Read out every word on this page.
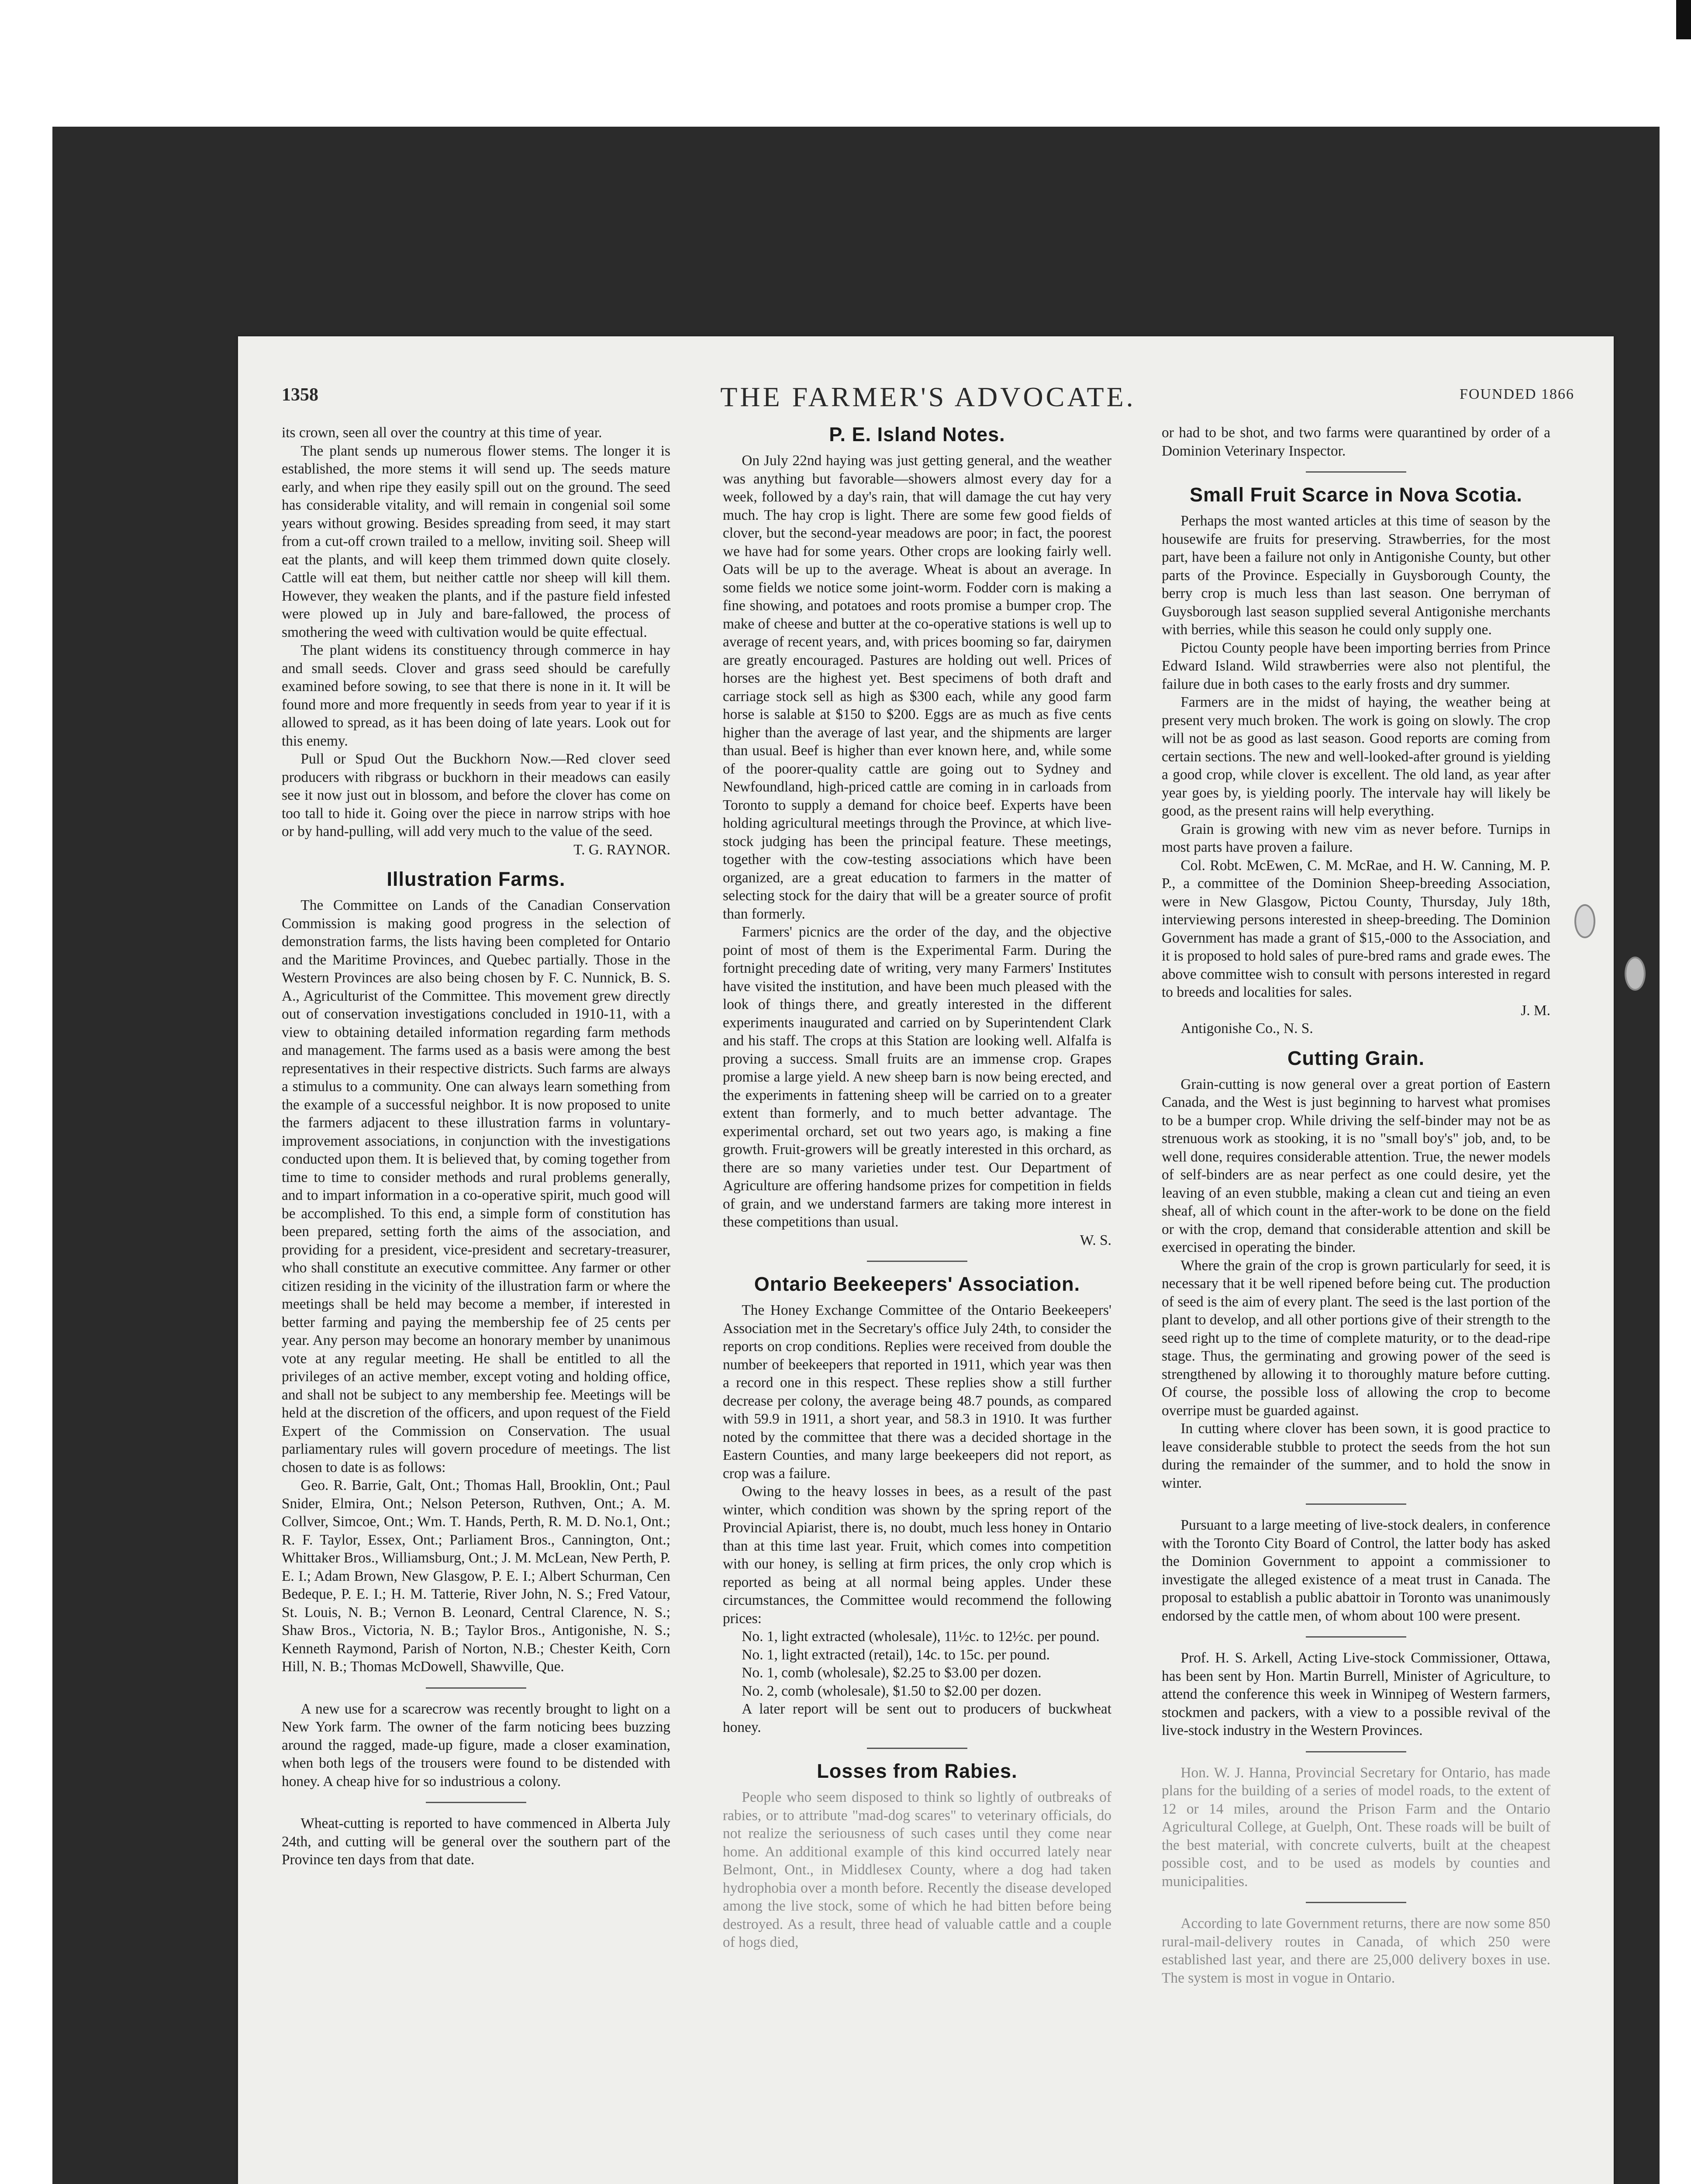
1358	THE FARMER'S ADVOCATE.	FOUNDED 1866

its crown, seen all over the country at this time of year.

The plant sends up numerous flower stems. The longer it is established, the more stems it will send up. The seeds mature early, and when ripe they easily spill out on the ground. The seed has considerable vitality, and will remain in congenial soil some years without growing. Besides spreading from seed, it may start from a cut-off crown trailed to a mellow, inviting soil. Sheep will eat the plants, and will keep them trimmed down quite closely. Cattle will eat them, but neither cattle nor sheep will kill them. However, they weaken the plants, and if the pasture field infested were plowed up in July and bare-fallowed, the process of smothering the weed with cultivation would be quite effectual.

The plant widens its constituency through commerce in hay and small seeds. Clover and grass seed should be carefully examined before sowing, to see that there is none in it. It will be found more and more frequently in seeds from year to year if it is allowed to spread, as it has been doing of late years. Look out for this enemy.

Pull or Spud Out the Buckhorn Now.—Red clover seed producers with ribgrass or buckhorn in their meadows can easily see it now just out in blossom, and before the clover has come on too tall to hide it. Going over the piece in narrow strips with hoe or by hand-pulling, will add very much to the value of the seed.

T. G. RAYNOR.

Illustration Farms.

The Committee on Lands of the Canadian Conservation Commission is making good progress in the selection of demonstration farms, the lists having been completed for Ontario and the Maritime Provinces, and Quebec partially. Those in the Western Provinces are also being chosen by F. C. Nunnick, B. S. A., Agriculturist of the Committee. This movement grew directly out of conservation investigations concluded in 1910-11, with a view to obtaining detailed information regarding farm methods and management. The farms used as a basis were among the best representatives in their respective districts. Such farms are always a stimulus to a community. One can always learn something from the example of a successful neighbor. It is now proposed to unite the farmers adjacent to these illustration farms in voluntary-improvement associations, in conjunction with the investigations conducted upon them. It is believed that, by coming together from time to time to consider methods and rural problems generally, and to impart information in a co-operative spirit, much good will be accomplished. To this end, a simple form of constitution has been prepared, setting forth the aims of the association, and providing for a president, vice-president and secretary-treasurer, who shall constitute an executive committee. Any farmer or other citizen residing in the vicinity of the illustration farm or where the meetings shall be held may become a member, if interested in better farming and paying the membership fee of 25 cents per year. Any person may become an honorary member by unanimous vote at any regular meeting. He shall be entitled to all the privileges of an active member, except voting and holding office, and shall not be subject to any membership fee. Meetings will be held at the discretion of the officers, and upon request of the Field Expert of the Commission on Conservation. The usual parliamentary rules will govern procedure of meetings. The list chosen to date is as follows:

Geo. R. Barrie, Galt, Ont.; Thomas Hall, Brooklin, Ont.; Paul Snider, Elmira, Ont.; Nelson Peterson, Ruthven, Ont.; A. M. Collver, Simcoe, Ont.; Wm. T. Hands, Perth, R. M. D. No.1, Ont.; R. F. Taylor, Essex, Ont.; Parliament Bros., Cannington, Ont.; Whittaker Bros., Williamsburg, Ont.; J. M. McLean, New Perth, P. E. I.; Adam Brown, New Glasgow, P. E. I.; Albert Schurman, Cen Bedeque, P. E. I.; H. M. Tatterie, River John, N. S.; Fred Vatour, St. Louis, N. B.; Vernon B. Leonard, Central Clarence, N. S.; Shaw Bros., Victoria, N. B.; Taylor Bros., Antigonishe, N. S.; Kenneth Raymond, Parish of Norton, N.B.; Chester Keith, Corn Hill, N. B.; Thomas McDowell, Shawville, Que.

A new use for a scarecrow was recently brought to light on a New York farm. The owner of the farm noticing bees buzzing around the ragged, made-up figure, made a closer examination, when both legs of the trousers were found to be distended with honey. A cheap hive for so industrious a colony.

Wheat-cutting is reported to have commenced in Alberta July 24th, and cutting will be general over the southern part of the Province ten days from that date.

P. E. Island Notes.

On July 22nd haying was just getting general, and the weather was anything but favorable—showers almost every day for a week, followed by a day's rain, that will damage the cut hay very much. The hay crop is light. There are some few good fields of clover, but the second-year meadows are poor; in fact, the poorest we have had for some years. Other crops are looking fairly well. Oats will be up to the average. Wheat is about an average. In some fields we notice some joint-worm. Fodder corn is making a fine showing, and potatoes and roots promise a bumper crop. The make of cheese and butter at the co-operative stations is well up to average of recent years, and, with prices booming so far, dairymen are greatly encouraged. Pastures are holding out well. Prices of horses are the highest yet. Best specimens of both draft and carriage stock sell as high as $300 each, while any good farm horse is salable at $150 to $200. Eggs are as much as five cents higher than the average of last year, and the shipments are larger than usual. Beef is higher than ever known here, and, while some of the poorer-quality cattle are going out to Sydney and Newfoundland, high-priced cattle are coming in in carloads from Toronto to supply a demand for choice beef. Experts have been holding agricultural meetings through the Province, at which live-stock judging has been the principal feature. These meetings, together with the cow-testing associations which have been organized, are a great education to farmers in the matter of selecting stock for the dairy that will be a greater source of profit than formerly.

Farmers' picnics are the order of the day, and the objective point of most of them is the Experimental Farm. During the fortnight preceding date of writing, very many Farmers' Institutes have visited the institution, and have been much pleased with the look of things there, and greatly interested in the different experiments inaugurated and carried on by Superintendent Clark and his staff. The crops at this Station are looking well. Alfalfa is proving a success. Small fruits are an immense crop. Grapes promise a large yield. A new sheep barn is now being erected, and the experiments in fattening sheep will be carried on to a greater extent than formerly, and to much better advantage. The experimental orchard, set out two years ago, is making a fine growth. Fruit-growers will be greatly interested in this orchard, as there are so many varieties under test. Our Department of Agriculture are offering handsome prizes for competition in fields of grain, and we understand farmers are taking more interest in these competitions than usual.

W. S.

Ontario Beekeepers' Association.

The Honey Exchange Committee of the Ontario Beekeepers' Association met in the Secretary's office July 24th, to consider the reports on crop conditions. Replies were received from double the number of beekeepers that reported in 1911, which year was then a record one in this respect. These replies show a still further decrease per colony, the average being 48.7 pounds, as compared with 59.9 in 1911, a short year, and 58.3 in 1910. It was further noted by the committee that there was a decided shortage in the Eastern Counties, and many large beekeepers did not report, as crop was a failure.

Owing to the heavy losses in bees, as a result of the past winter, which condition was shown by the spring report of the Provincial Apiarist, there is, no doubt, much less honey in Ontario than at this time last year. Fruit, which comes into competition with our honey, is selling at firm prices, the only crop which is reported as being at all normal being apples. Under these circumstances, the Committee would recommend the following prices:

No. 1, light extracted (wholesale), 11½c. to 12½c. per pound.

No. 1, light extracted (retail), 14c. to 15c. per pound.

No. 1, comb (wholesale), $2.25 to $3.00 per dozen.

No. 2, comb (wholesale), $1.50 to $2.00 per dozen.

A later report will be sent out to producers of buckwheat honey.

Losses from Rabies.

People who seem disposed to think so lightly of outbreaks of rabies, or to attribute "mad-dog scares" to veterinary officials, do not realize the seriousness of such cases until they come near home. An additional example of this kind occurred lately near Belmont, Ont., in Middlesex County, where a dog had taken hydrophobia over a month before. Recently the disease developed among the live stock, some of which he had bitten before being destroyed. As a result, three head of valuable cattle and a couple of hogs died,

or had to be shot, and two farms were quarantined by order of a Dominion Veterinary Inspector.

Small Fruit Scarce in Nova Scotia.

Perhaps the most wanted articles at this time of season by the housewife are fruits for preserving. Strawberries, for the most part, have been a failure not only in Antigonishe County, but other parts of the Province. Especially in Guysborough County, the berry crop is much less than last season. One berryman of Guysborough last season supplied several Antigonishe merchants with berries, while this season he could only supply one.

Pictou County people have been importing berries from Prince Edward Island. Wild strawberries were also not plentiful, the failure due in both cases to the early frosts and dry summer.

Farmers are in the midst of haying, the weather being at present very much broken. The work is going on slowly. The crop will not be as good as last season. Good reports are coming from certain sections. The new and well-looked-after ground is yielding a good crop, while clover is excellent. The old land, as year after year goes by, is yielding poorly. The intervale hay will likely be good, as the present rains will help everything.

Grain is growing with new vim as never before. Turnips in most parts have proven a failure.

Col. Robt. McEwen, C. M. McRae, and H. W. Canning, M. P. P., a committee of the Dominion Sheep-breeding Association, were in New Glasgow, Pictou County, Thursday, July 18th, interviewing persons interested in sheep-breeding. The Dominion Government has made a grant of $15,-000 to the Association, and it is proposed to hold sales of pure-bred rams and grade ewes. The above committee wish to consult with persons interested in regard to breeds and localities for sales.

J. M.

Antigonishe Co., N. S.

Cutting Grain.

Grain-cutting is now general over a great portion of Eastern Canada, and the West is just beginning to harvest what promises to be a bumper crop. While driving the self-binder may not be as strenuous work as stooking, it is no "small boy's" job, and, to be well done, requires considerable attention. True, the newer models of self-binders are as near perfect as one could desire, yet the leaving of an even stubble, making a clean cut and tieing an even sheaf, all of which count in the after-work to be done on the field or with the crop, demand that considerable attention and skill be exercised in operating the binder.

Where the grain of the crop is grown particularly for seed, it is necessary that it be well ripened before being cut. The production of seed is the aim of every plant. The seed is the last portion of the plant to develop, and all other portions give of their strength to the seed right up to the time of complete maturity, or to the dead-ripe stage. Thus, the germinating and growing power of the seed is strengthened by allowing it to thoroughly mature before cutting. Of course, the possible loss of allowing the crop to become overripe must be guarded against.

In cutting where clover has been sown, it is good practice to leave considerable stubble to protect the seeds from the hot sun during the remainder of the summer, and to hold the snow in winter.

Pursuant to a large meeting of live-stock dealers, in conference with the Toronto City Board of Control, the latter body has asked the Dominion Government to appoint a commissioner to investigate the alleged existence of a meat trust in Canada. The proposal to establish a public abattoir in Toronto was unanimously endorsed by the cattle men, of whom about 100 were present.

Prof. H. S. Arkell, Acting Live-stock Commissioner, Ottawa, has been sent by Hon. Martin Burrell, Minister of Agriculture, to attend the conference this week in Winnipeg of Western farmers, stockmen and packers, with a view to a possible revival of the live-stock industry in the Western Provinces.

Hon. W. J. Hanna, Provincial Secretary for Ontario, has made plans for the building of a series of model roads, to the extent of 12 or 14 miles, around the Prison Farm and the Ontario Agricultural College, at Guelph, Ont. These roads will be built of the best material, with concrete culverts, built at the cheapest possible cost, and to be used as models by counties and municipalities.

According to late Government returns, there are now some 850 rural-mail-delivery routes in Canada, of which 250 were established last year, and there are 25,000 delivery boxes in use. The system is most in vogue in Ontario.
